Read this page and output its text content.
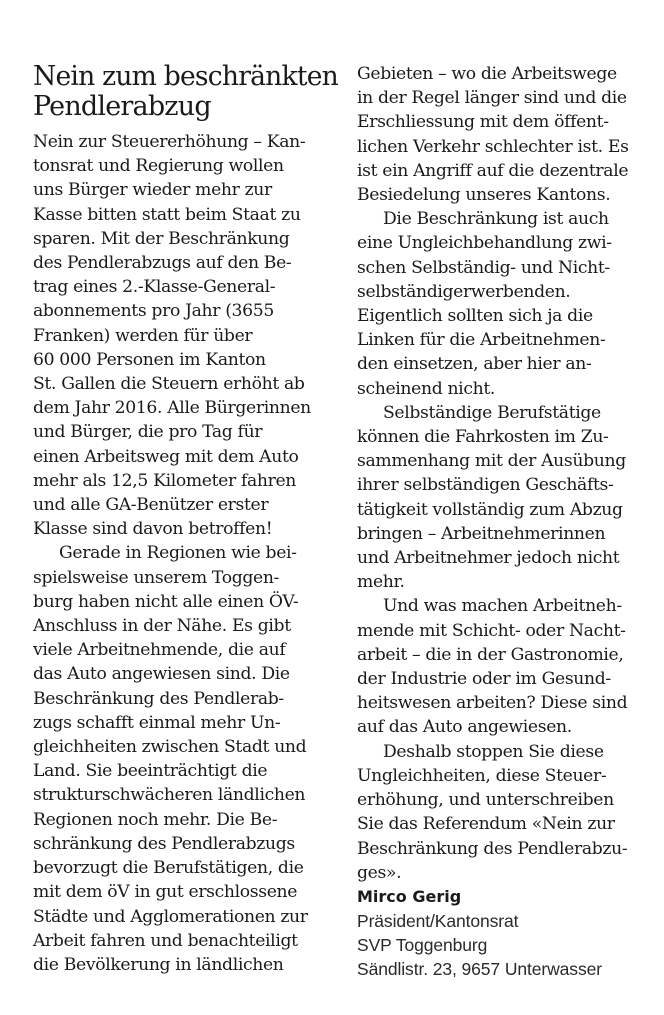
Nein zum beschränkten
Pendlerabzug
Nein zur Steuererhöhung – Kan-
tonsrat und Regierung wollen
uns Bürger wieder mehr zur
Kasse bitten statt beim Staat zu
sparen. Mit der Beschränkung
des Pendlerabzugs auf den Be-
trag eines 2.-Klasse-General-
abonnements pro Jahr (3655
Franken) werden für über
60 000 Personen im Kanton
St. Gallen die Steuern erhöht ab
dem Jahr 2016. Alle Bürgerinnen
und Bürger, die pro Tag für
einen Arbeitsweg mit dem Auto
mehr als 12,5 Kilometer fahren
und alle GA-Benützer erster
Klasse sind davon betroffen!
Gerade in Regionen wie bei-
spielsweise unserem Toggen-
burg haben nicht alle einen ÖV-
Anschluss in der Nähe. Es gibt
viele Arbeitnehmende, die auf
das Auto angewiesen sind. Die
Beschränkung des Pendlerab-
zugs schafft einmal mehr Un-
gleichheiten zwischen Stadt und
Land. Sie beeinträchtigt die
strukturschwächeren ländlichen
Regionen noch mehr. Die Be-
schränkung des Pendlerabzugs
bevorzugt die Berufstätigen, die
mit dem öV in gut erschlossene
Städte und Agglomerationen zur
Arbeit fahren und benachteiligt
die Bevölkerung in ländlichen
Gebieten – wo die Arbeitswege
in der Regel länger sind und die
Erschliessung mit dem öffent-
lichen Verkehr schlechter ist. Es
ist ein Angriff auf die dezentrale
Besiedelung unseres Kantons.
Die Beschränkung ist auch
eine Ungleichbehandlung zwi-
schen Selbständig- und Nicht-
selbständigerwerbenden.
Eigentlich sollten sich ja die
Linken für die Arbeitnehmen-
den einsetzen, aber hier an-
scheinend nicht.
Selbständige Berufstätige
können die Fahrkosten im Zu-
sammenhang mit der Ausübung
ihrer selbständigen Geschäfts-
tätigkeit vollständig zum Abzug
bringen – Arbeitnehmerinnen
und Arbeitnehmer jedoch nicht
mehr.
Und was machen Arbeitneh-
mende mit Schicht- oder Nacht-
arbeit – die in der Gastronomie,
der Industrie oder im Gesund-
heitswesen arbeiten? Diese sind
auf das Auto angewiesen.
Deshalb stoppen Sie diese
Ungleichheiten, diese Steuer-
erhöhung, und unterschreiben
Sie das Referendum «Nein zur
Beschränkung des Pendlerabzu-
ges».
Mirco Gerig
Präsident/Kantonsrat
SVP Toggenburg
Sändlistr. 23, 9657 Unterwasser
